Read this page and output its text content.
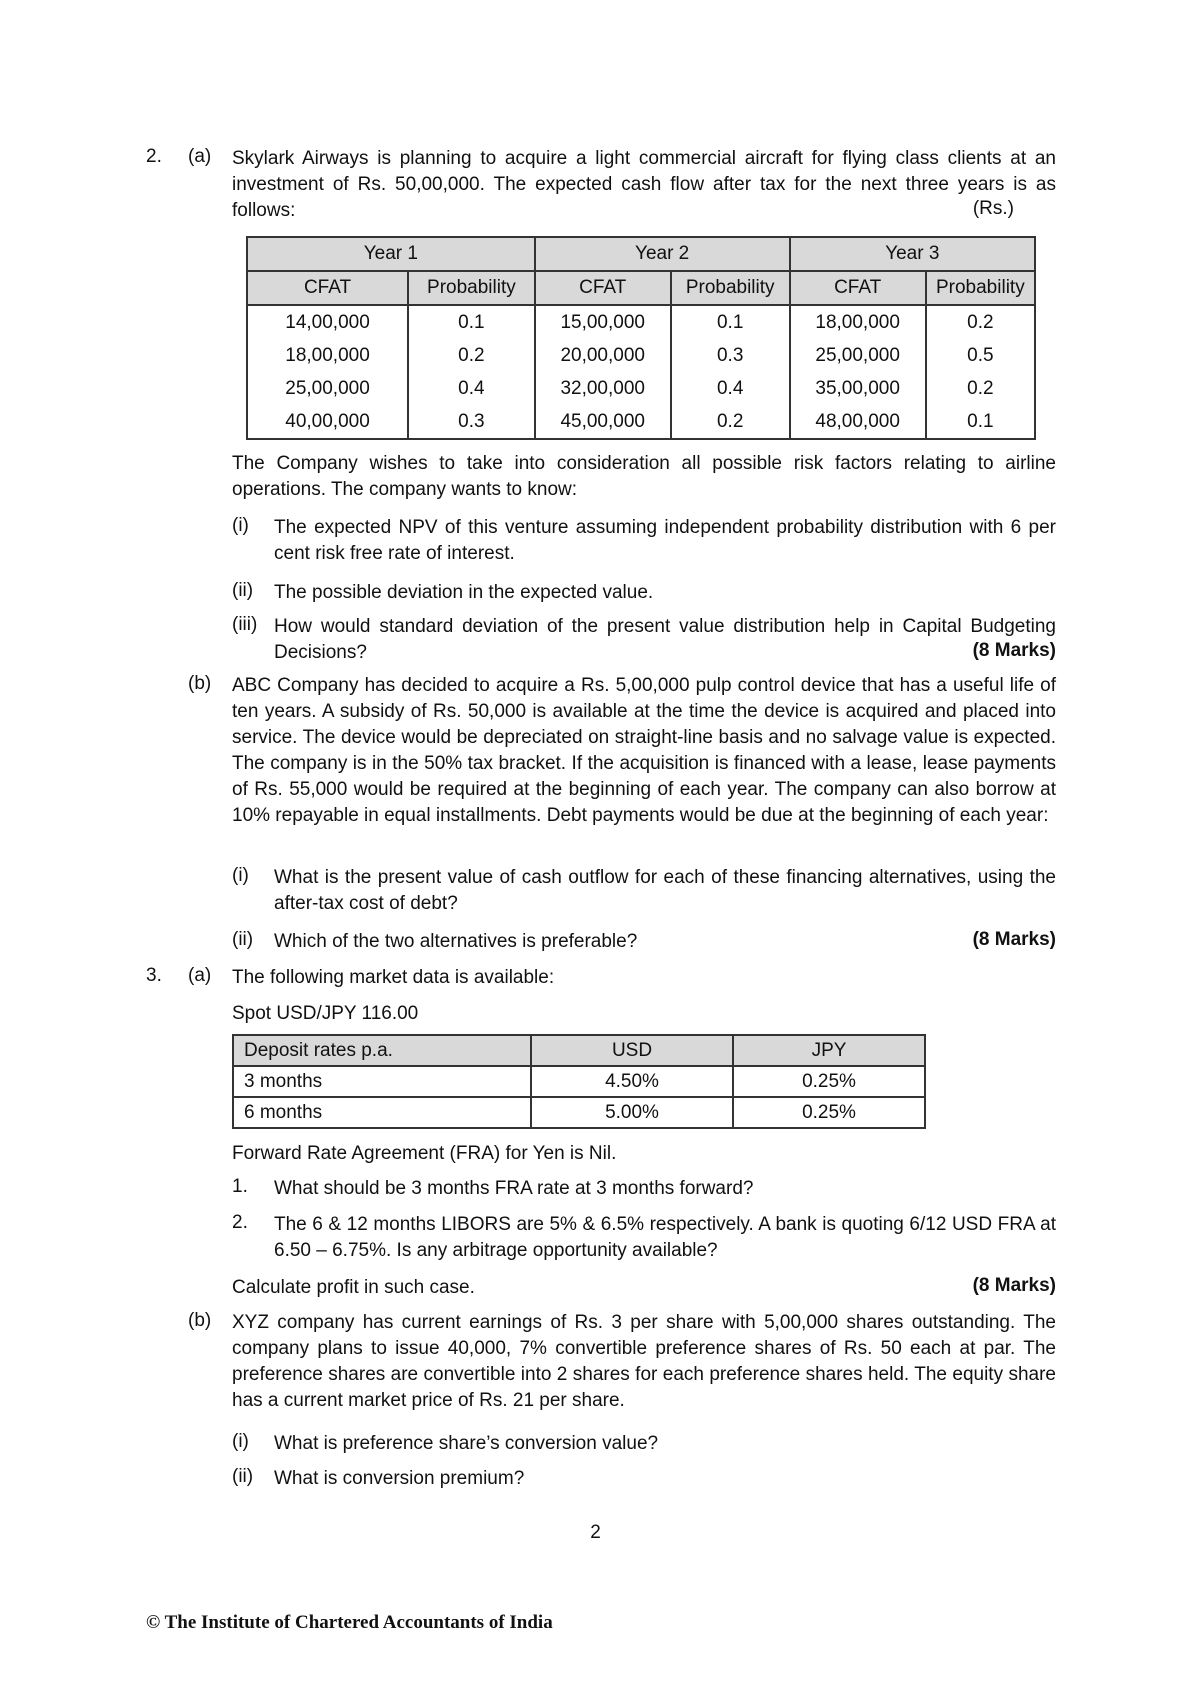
2. (a) Skylark Airways is planning to acquire a light commercial aircraft for flying class clients at an investment of Rs. 50,00,000. The expected cash flow after tax for the next three years is as follows:	(Rs.)
Year 1		Year 2		Year 3	
CFAT	Probability	CFAT	Probability	CFAT	Probability
14,00,000	0.1	15,00,000	0.1	18,00,000	0.2
18,00,000	0.2	20,00,000	0.3	25,00,000	0.5
25,00,000	0.4	32,00,000	0.4	35,00,000	0.2
40,00,000	0.3	45,00,000	0.2	48,00,000	0.1
The Company wishes to take into consideration all possible risk factors relating to airline operations. The company wants to know:
(i) The expected NPV of this venture assuming independent probability distribution with 6 per cent risk free rate of interest.
(ii) The possible deviation in the expected value.
(iii) How would standard deviation of the present value distribution help in Capital Budgeting Decisions?	(8 Marks)
(b) ABC Company has decided to acquire a Rs. 5,00,000 pulp control device that has a useful life of ten years. A subsidy of Rs. 50,000 is available at the time the device is acquired and placed into service. The device would be depreciated on straight-line basis and no salvage value is expected. The company is in the 50% tax bracket. If the acquisition is financed with a lease, lease payments of Rs. 55,000 would be required at the beginning of each year. The company can also borrow at 10% repayable in equal installments. Debt payments would be due at the beginning of each year:
(i) What is the present value of cash outflow for each of these financing alternatives, using the after-tax cost of debt?
(ii) Which of the two alternatives is preferable?	(8 Marks)
3. (a) The following market data is available:
Spot USD/JPY 116.00
Deposit rates p.a.	USD	JPY
3 months	4.50%	0.25%
6 months	5.00%	0.25%
Forward Rate Agreement (FRA) for Yen is Nil.
1. What should be 3 months FRA rate at 3 months forward?
2. The 6 & 12 months LIBORS are 5% & 6.5% respectively. A bank is quoting 6/12 USD FRA at 6.50 – 6.75%. Is any arbitrage opportunity available?
Calculate profit in such case.	(8 Marks)
(b) XYZ company has current earnings of Rs. 3 per share with 5,00,000 shares outstanding. The company plans to issue 40,000, 7% convertible preference shares of Rs. 50 each at par. The preference shares are convertible into 2 shares for each preference shares held. The equity share has a current market price of Rs. 21 per share.
(i) What is preference share’s conversion value?
(ii) What is conversion premium?
2
© The Institute of Chartered Accountants of India
